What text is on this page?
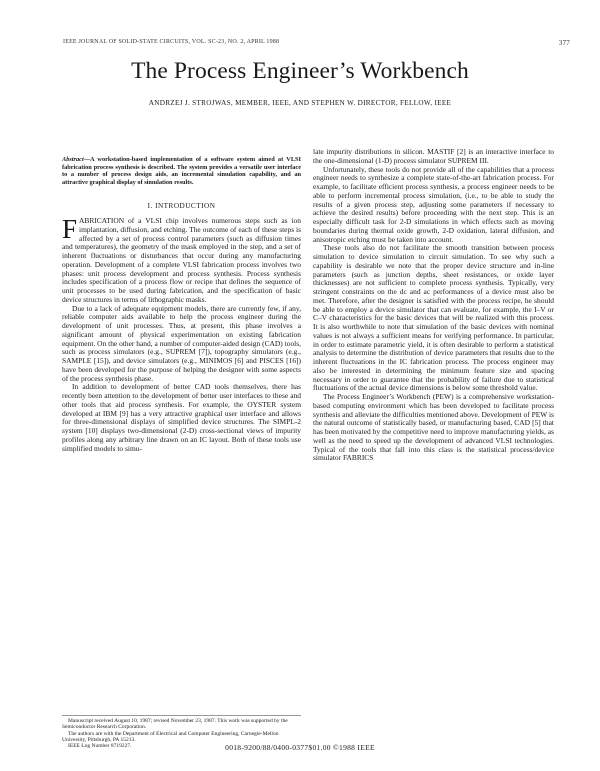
IEEE JOURNAL OF SOLID-STATE CIRCUITS, VOL. SC-23, NO. 2, APRIL 1988	377
The Process Engineer’s Workbench
ANDRZEJ J. STROJWAS, MEMBER, IEEE, AND STEPHEN W. DIRECTOR, FELLOW, IEEE
Abstract—A workstation-based implementation of a software system aimed at VLSI fabrication process synthesis is described. The system provides a versatile user interface to a number of process design aids, an incremental simulation capability, and an attractive graphical display of simulation results.
I. INTRODUCTION

FABRICATION of a VLSI chip involves numerous steps such as ion implantation, diffusion, and etching. The outcome of each of these steps is affected by a set of process control parameters (such as diffusion times and temperatures), the geometry of the mask employed in the step, and a set of inherent fluctuations or disturbances that occur during any manufacturing operation. Development of a complete VLSI fabrication process involves two phases: unit process development and process synthesis. Process synthesis includes specification of a process flow or recipe that defines the sequence of unit processes to be used during fabrication, and the specification of basic device structures in terms of lithographic masks.

Due to a lack of adequate equipment models, there are currently few, if any, reliable computer aids available to help the process engineer during the development of unit processes. Thus, at present, this phase involves a significant amount of physical experimentation on existing fabrication equipment. On the other hand, a number of computer-aided design (CAD) tools, such as process simulators (e.g., SUPREM [7]), topography simulators (e.g., SAMPLE [15]), and device simulators (e.g., MINIMOS [6] and PISCES [16]) have been developed for the purpose of helping the designer with some aspects of the process synthesis phase.

In addition to development of better CAD tools themselves, there has recently been attention to the development of better user interfaces to these and other tools that aid process synthesis. For example, the OYSTER system developed at IBM [9] has a very attractive graphical user interface and allows for three-dimensional displays of simplified device structures. The SIMPL-2 system [10] displays two-dimensional (2-D) cross-sectional views of impurity profiles along any arbitrary line drawn on an IC layout. Both of these tools use simplified models to simu-

late impurity distributions in silicon. MASTIF [2] is an interactive interface to the one-dimensional (1-D) process simulator SUPREM III.

Unfortunately, these tools do not provide all of the capabilities that a process engineer needs to synthesize a complete state-of-the-art fabrication process. For example, to facilitate efficient process synthesis, a process engineer needs to be able to perform incremental process simulation, (i.e., to be able to study the results of a given process step, adjusting some parameters if necessary to achieve the desired results) before proceeding with the next step. This is an especially difficult task for 2-D simulations in which effects such as moving boundaries during thermal oxide growth, 2-D oxidation, lateral diffusion, and anisotropic etching must be taken into account.

These tools also do not facilitate the smooth transition between process simulation to device simulation to circuit simulation. To see why such a capability is desirable we note that the proper device structure and in-line parameters (such as junction depths, sheet resistances, or oxide layer thicknesses) are not sufficient to complete process synthesis. Typically, very stringent constraints on the dc and ac performances of a device must also be met. Therefore, after the designer is satisfied with the process recipe, he should be able to employ a device simulator that can evaluate, for example, the I–V or C–V characteristics for the basic devices that will be realized with this process. It is also worthwhile to note that simulation of the basic devices with nominal values is not always a sufficient means for verifying performance. In particular, in order to estimate parametric yield, it is often desirable to perform a statistical analysis to determine the distribution of device parameters that results due to the inherent fluctuations in the IC fabrication process. The process engineer may also be interested in determining the minimum feature size and spacing necessary in order to guarantee that the probability of failure due to statistical fluctuations of the actual device dimensions is below some threshold value.

The Process Engineer’s Workbench (PEW) is a comprehensive workstation-based computing environment which has been developed to facilitate process synthesis and alleviate the difficulties mentioned above. Development of PEW is the natural outcome of statistically based, or manufacturing based, CAD [5] that has been motivated by the competitive need to improve manufacturing yields, as well as the need to speed up the development of advanced VLSI technologies. Typical of the tools that fall into this class is the statistical process/device simulator FABRICS

Manuscript received August 10, 1987; revised November 23, 1987. This work was supported by the Semiconductor Research Corporation.
The authors are with the Department of Electrical and Computer Engineering, Carnegie-Mellon University, Pittsburgh, PA 15213.
IEEE Log Number 8719227.	0018-9200/88/0400-0377$01.00 ©1988 IEEE
